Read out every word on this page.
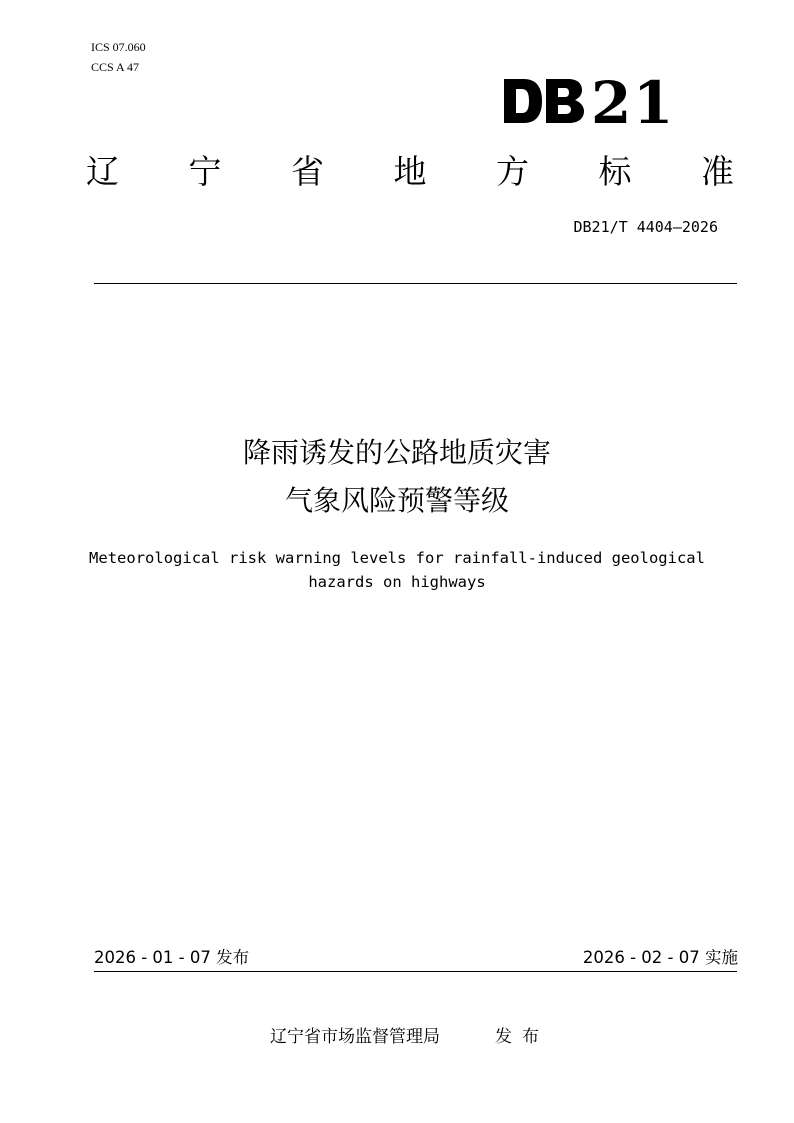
ICS 07.060
CCS A 47
2 1
辽 宁 省 地 方 标 准
DB21/T 4404—2026
降雨诱发的公路地质灾害
气象风险预警等级
Meteorological risk warning levels for rainfall-induced geological
hazards on highways
2026 - 01 - 07 发布	2026 - 02 - 07 实施
辽宁省市场监督管理局	发布
